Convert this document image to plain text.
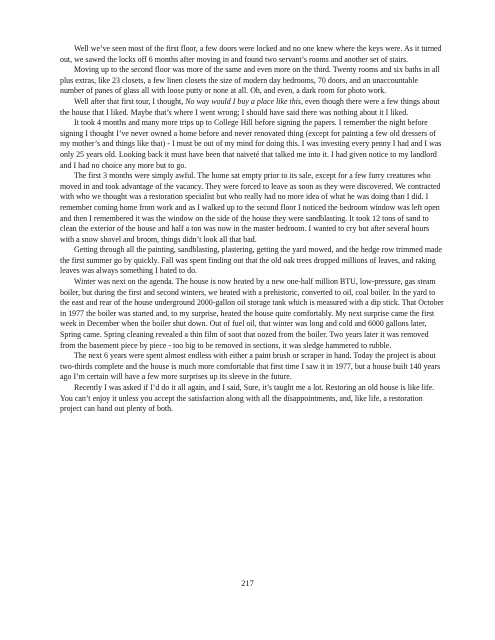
Well we’ve seen most of the first floor, a few doors were locked and no one knew where the keys were. As it turned out, we sawed the locks off 6 months after moving in and found two servant’s rooms and another set of stairs.

Moving up to the second floor was more of the same and even more on the third. Twenty rooms and six baths in all plus extras, like 23 closets, a few linen closets the size of modern day bedrooms, 70 doors, and an unaccountable number of panes of glass all with loose putty or none at all. Oh, and even, a dark room for photo work.

Well after that first tour, I thought, No way would I buy a place like this, even though there were a few things about the house that I liked. Maybe that’s where I went wrong; I should have said there was nothing about it I liked.

It took 4 months and many more trips up to College Hill before signing the papers. I remember the night before signing I thought I’ve never owned a home before and never renovated thing (except for painting a few old dressers of my mother’s and things like that) - I must be out of my mind for doing this. I was investing every penny I had and I was only 25 years old. Looking back it must have been that naiveté that talked me into it. I had given notice to my landlord and I had no choice any more but to go.

The first 3 months were simply awful. The home sat empty prior to its sale, except for a few furry creatures who moved in and took advantage of the vacancy. They were forced to leave as soon as they were discovered. We contracted with who we thought was a restoration specialist but who really had no more idea of what he was doing than I did. I remember coming home from work and as I walked up to the second floor I noticed the bedroom window was left open and then I remembered it was the window on the side of the house they were sandblasting. It took 12 tons of sand to clean the exterior of the house and half a ton was now in the master bedroom. I wanted to cry but after several hours with a snow shovel and broom, things didn’t look all that bad.

Getting through all the painting, sandblasting, plastering, getting the yard mowed, and the hedge row trimmed made the first summer go by quickly. Fall was spent finding out that the old oak trees dropped millions of leaves, and raking leaves was always something I hated to do.

Winter was next on the agenda. The house is now heated by a new one-half million BTU, low-pressure, gas steam boiler, but during the first and second winters, we heated with a prehistoric, converted to oil, coal boiler. In the yard to the east and rear of the house underground 2000-gallon oil storage tank which is measured with a dip stick. That October in 1977 the boiler was started and, to my surprise, heated the house quite comfortably. My next surprise came the first week in December when the boiler shut down. Out of fuel oil, that winter was long and cold and 6000 gallons later, Spring came. Spring cleaning revealed a thin film of soot that oozed from the boiler. Two years later it was removed from the basement piece by piece - too big to be removed in sections, it was sledge hammered to rubble.

The next 6 years were spent almost endless with either a paint brush or scraper in hand. Today the project is about two-thirds complete and the house is much more comfortable that first time I saw it in 1977, but a house built 140 years ago I’m certain will have a few more surprises up its sleeve in the future.

Recently I was asked if I’d do it all again, and I said, Sure, it’s taught me a lot. Restoring an old house is like life. You can’t enjoy it unless you accept the satisfaction along with all the disappointments, and, like life, a restoration project can hand out plenty of both.

217
